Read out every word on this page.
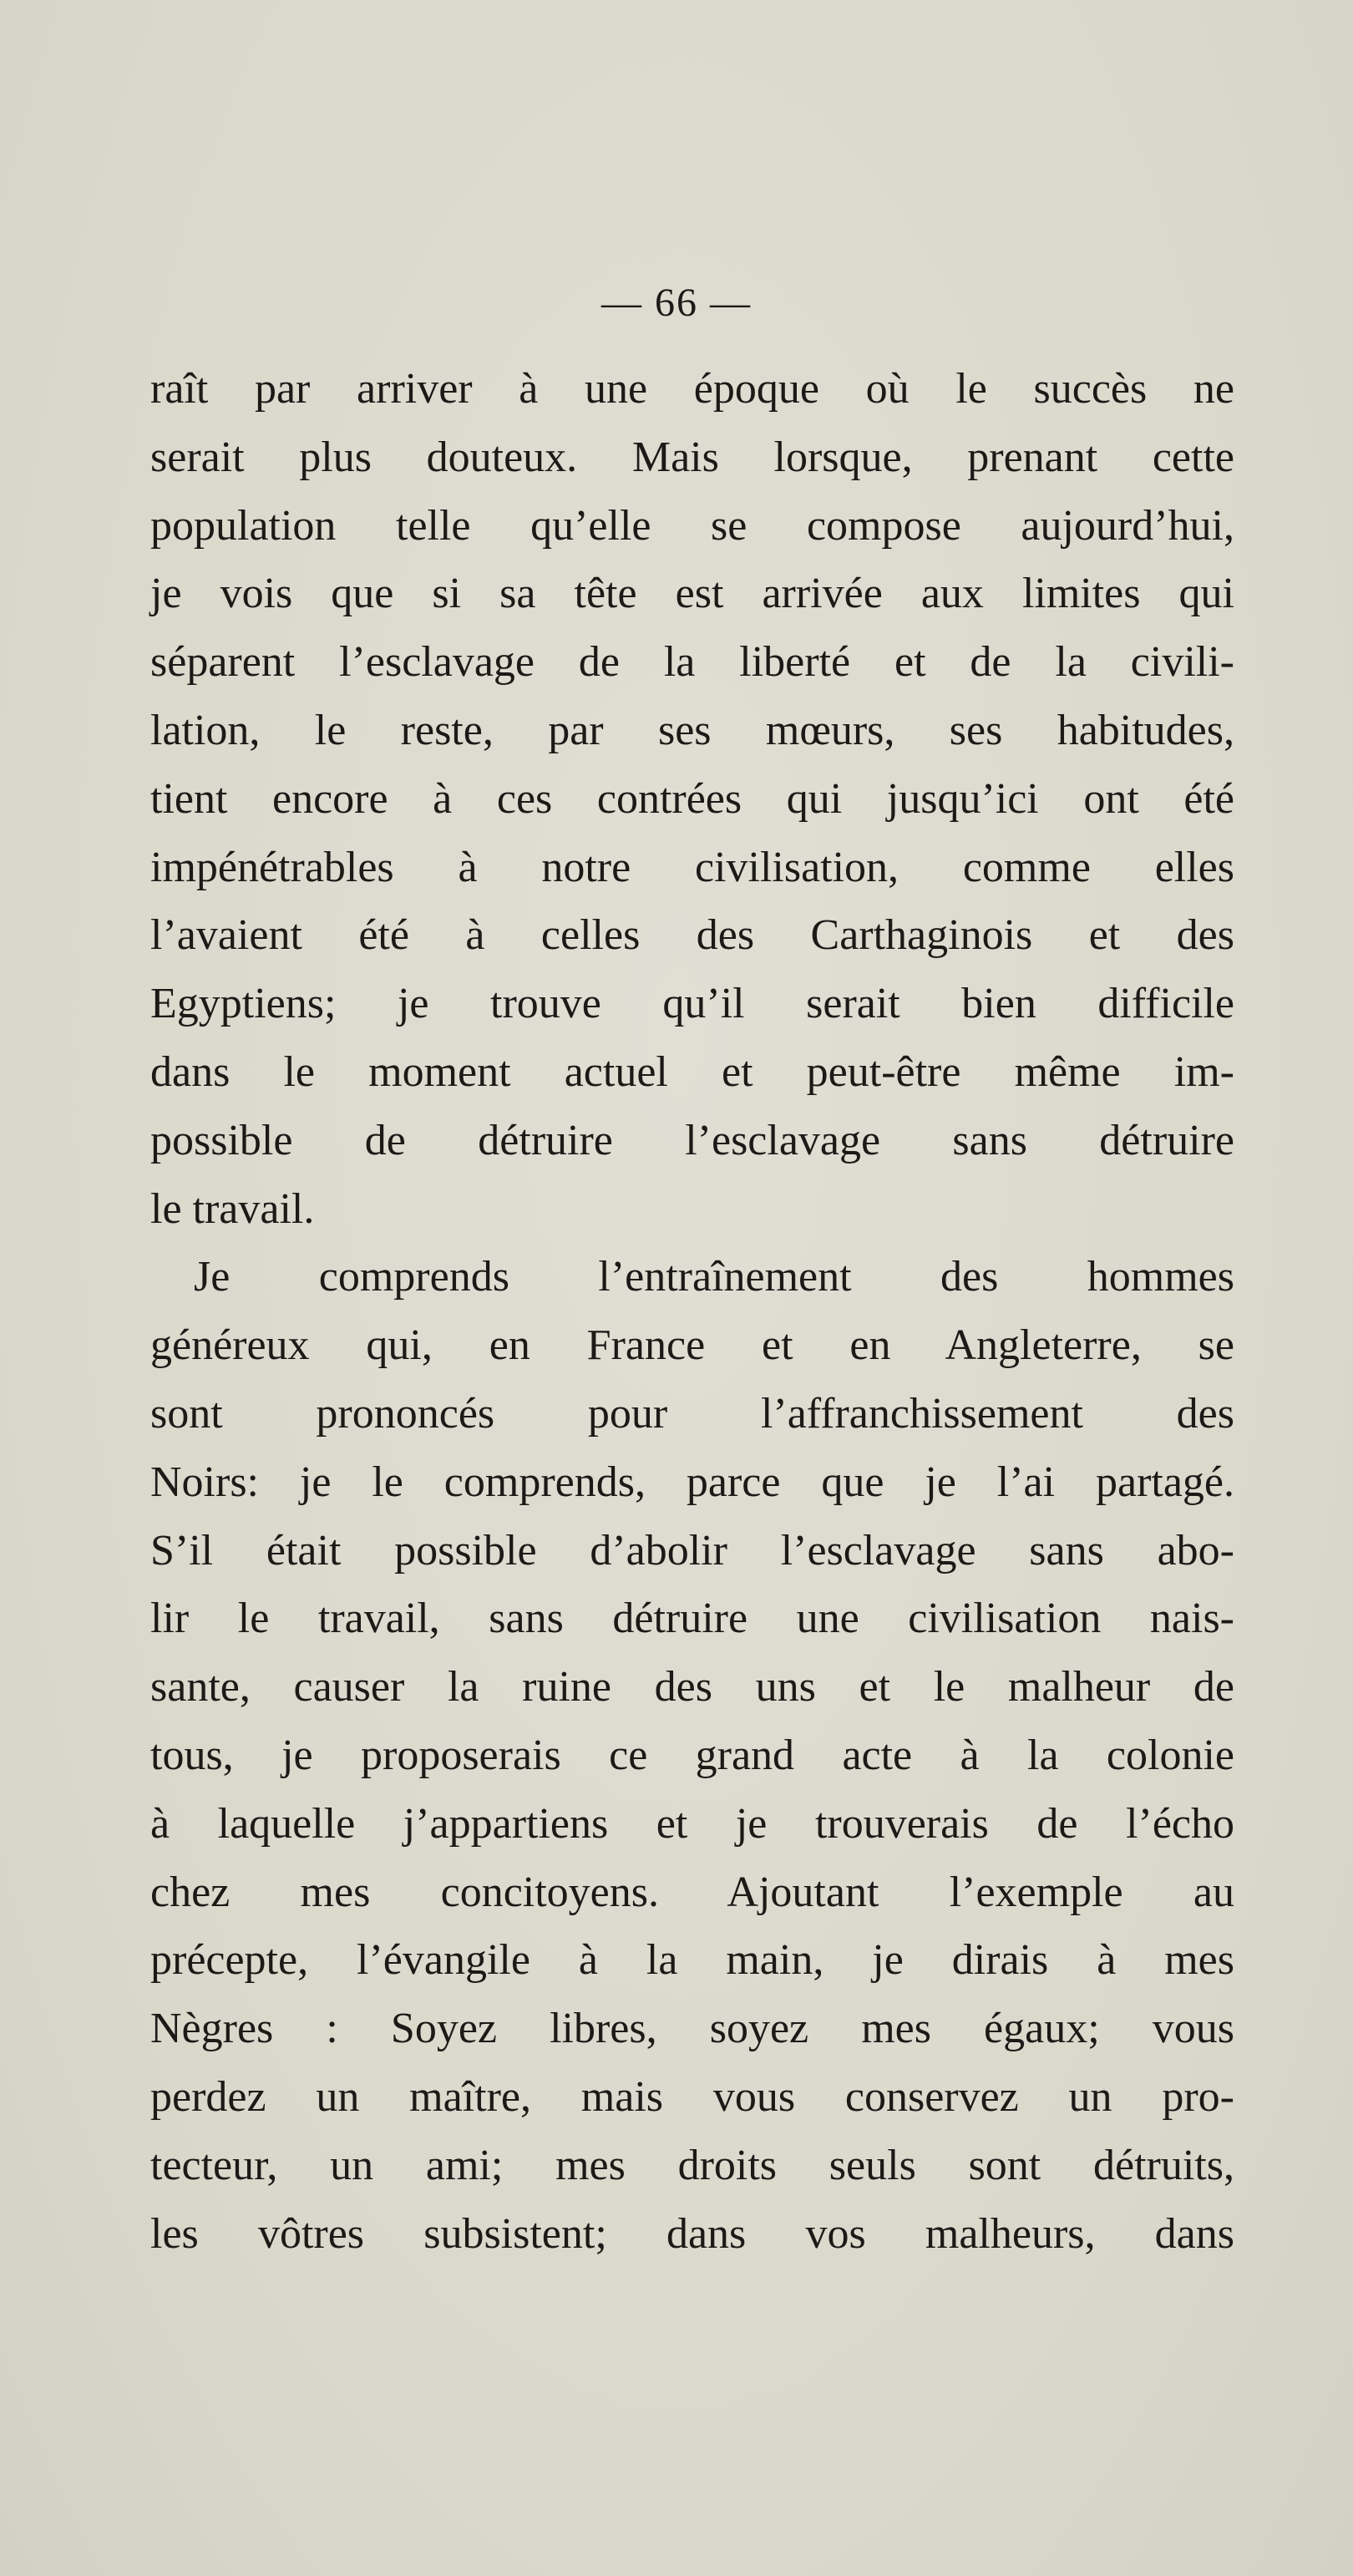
— 66 —
raît par arriver à une époque où le succès ne
serait plus douteux. Mais lorsque, prenant cette
population telle qu’elle se compose aujourd’hui,
je vois que si sa tête est arrivée aux limites qui
séparent l’esclavage de la liberté et de la civili-
lation, le reste, par ses mœurs, ses habitudes,
tient encore à ces contrées qui jusqu’ici ont été
impénétrables à notre civilisation, comme elles
l’avaient été à celles des Carthaginois et des
Egyptiens; je trouve qu’il serait bien difficile
dans le moment actuel et peut-être même im-
possible de détruire l’esclavage sans détruire
le travail.
Je comprends l’entraînement des hommes
généreux qui, en France et en Angleterre, se
sont prononcés pour l’affranchissement des
Noirs: je le comprends, parce que je l’ai partagé.
S’il était possible d’abolir l’esclavage sans abo-
lir le travail, sans détruire une civilisation nais-
sante, causer la ruine des uns et le malheur de
tous, je proposerais ce grand acte à la colonie
à laquelle j’appartiens et je trouverais de l’écho
chez mes concitoyens. Ajoutant l’exemple au
précepte, l’évangile à la main, je dirais à mes
Nègres : Soyez libres, soyez mes égaux; vous
perdez un maître, mais vous conservez un pro-
tecteur, un ami; mes droits seuls sont détruits,
les vôtres subsistent; dans vos malheurs, dans
